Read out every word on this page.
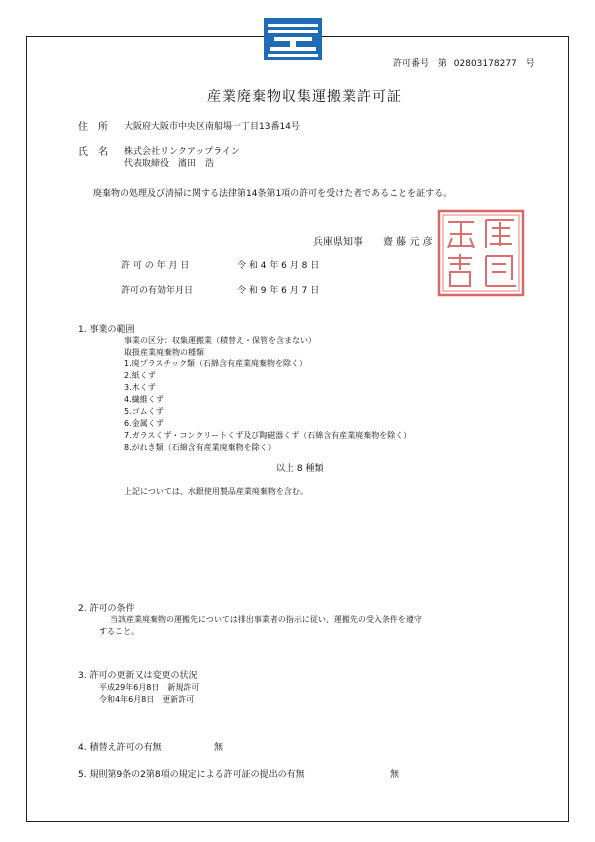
許可番号 第 02803178277 号
産業廃棄物収集運搬業許可証
住　所 大阪府大阪市中央区南船場一丁目13番14号
氏　名 株式会社リンクアップライン
代表取締役　濱田　浩
廃棄物の処理及び清掃に関する法律第14条第1項の許可を受けた者であることを証する。
兵庫県知事　　齋 藤 元 彦
許 可 の 年 月 日	令 和 4 年 6 月 8 日
許可の有効年月日	令 和 9 年 6 月 7 日
1. 事業の範囲
事業の区分：収集運搬業（積替え・保管を含まない）
取扱産業廃棄物の種類
1.廃プラスチック類（石綿含有産業廃棄物を除く）
2.紙くず
3.木くず
4.繊維くず
5.ゴムくず
6.金属くず
7.ガラスくず・コンクリートくず及び陶磁器くず（石綿含有産業廃棄物を除く）
8.がれき類（石綿含有産業廃棄物を除く）
以上 8 種類
上記については、水銀使用製品産業廃棄物を含む。
2. 許可の条件
当該産業廃棄物の運搬先については排出事業者の指示に従い、運搬先の受入条件を遵守
すること。
3. 許可の更新又は変更の状況
平成29年6月8日　新規許可
令和4年6月8日　更新許可
4. 積替え許可の有無	無
5. 規則第9条の2第8項の規定による許可証の提出の有無	無
